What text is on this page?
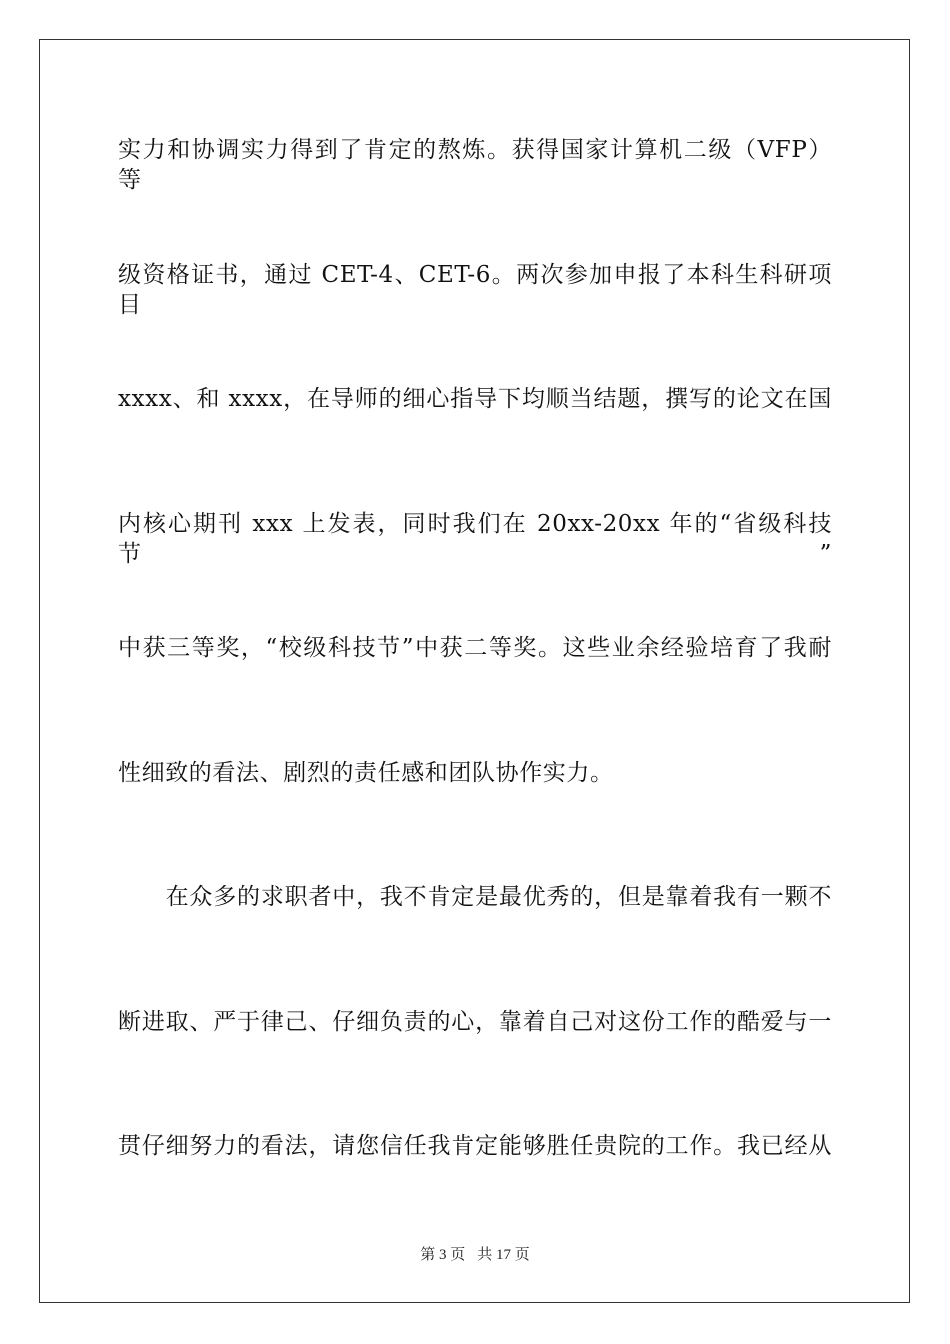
实力和协调实力得到了肯定的熬炼。获得国家计算机二级（VFP） 等
级资格证书，通过 CET-4、CET-6。两次参加申报了本科生科研项目
xxxx、和 xxxx，在导师的细心指导下均顺当结题，撰写的论文在国
内核心期刊 xxx 上发表，同时我们在 20xx-20xx 年的“省级科技节”
中获三等奖，“校级科技节”中获二等奖。这些业余经验培育了我耐
性细致的看法、剧烈的责任感和团队协作实力。
　　在众多的求职者中，我不肯定是最优秀的，但是靠着我有一颗不
断进取、严于律己、仔细负责的心，靠着自己对这份工作的酷爱与一
贯仔细努力的看法，请您信任我肯定能够胜任贵院的工作。我已经从
第 3 页 共 17 页
